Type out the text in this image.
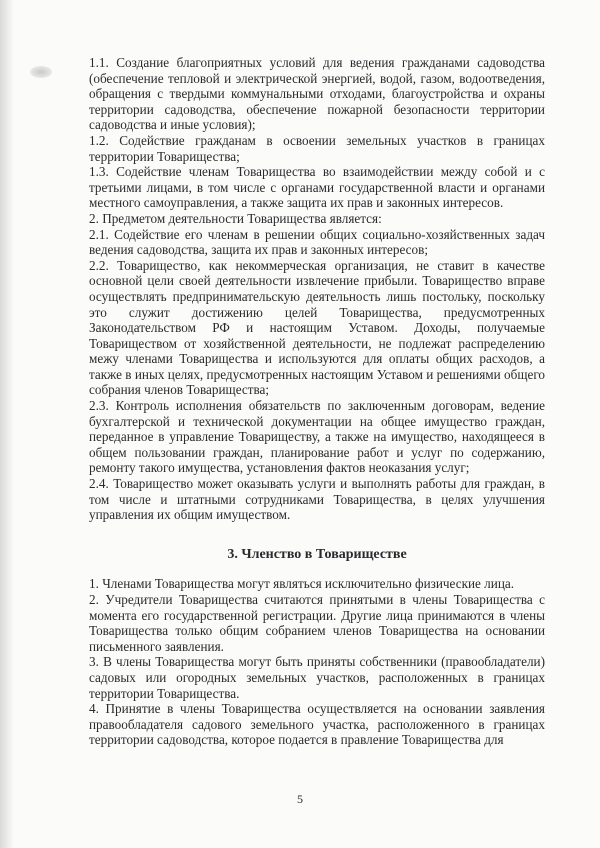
1.1. Создание благоприятных условий для ведения гражданами садоводства (обеспечение тепловой и электрической энергией, водой, газом, водоотведения, обращения с твердыми коммунальными отходами, благоустройства и охраны территории садоводства, обеспечение пожарной безопасности территории садоводства и иные условия);

1.2. Содействие гражданам в освоении земельных участков в границах территории Товарищества;

1.3. Содействие членам Товарищества во взаимодействии между собой и с третьими лицами, в том числе с органами государственной власти и органами местного самоуправления, а также защита их прав и законных интересов.

2. Предметом деятельности Товарищества является:

2.1. Содействие его членам в решении общих социально-хозяйственных задач ведения садоводства, защита их прав и законных интересов;

2.2. Товарищество, как некоммерческая организация, не ставит в качестве основной цели своей деятельности извлечение прибыли. Товарищество вправе осуществлять предпринимательскую деятельность лишь постольку, поскольку это служит достижению целей Товарищества, предусмотренных Законодательством РФ и настоящим Уставом. Доходы, получаемые Товариществом от хозяйственной деятельности, не подлежат распределению межу членами Товарищества и используются для оплаты общих расходов, а также в иных целях, предусмотренных настоящим Уставом и решениями общего собрания членов Товарищества;

2.3. Контроль исполнения обязательств по заключенным договорам, ведение бухгалтерской и технической документации на общее имущество граждан, переданное в управление Товариществу, а также на имущество, находящееся в общем пользовании граждан, планирование работ и услуг по содержанию, ремонту такого имущества, установления фактов неоказания услуг;

2.4. Товарищество может оказывать услуги и выполнять работы для граждан, в том числе и штатными сотрудниками Товарищества, в целях улучшения управления их общим имуществом.

3. Членство в Товариществе

1. Членами Товарищества могут являться исключительно физические лица.

2. Учредители Товарищества считаются принятыми в члены Товарищества с момента его государственной регистрации. Другие лица принимаются в члены Товарищества только общим собранием членов Товарищества на основании письменного заявления.

3. В члены Товарищества могут быть приняты собственники (правообладатели) садовых или огородных земельных участков, расположенных в границах территории Товарищества.

4. Принятие в члены Товарищества осуществляется на основании заявления правообладателя садового земельного участка, расположенного в границах территории садоводства, которое подается в правление Товарищества для

5
